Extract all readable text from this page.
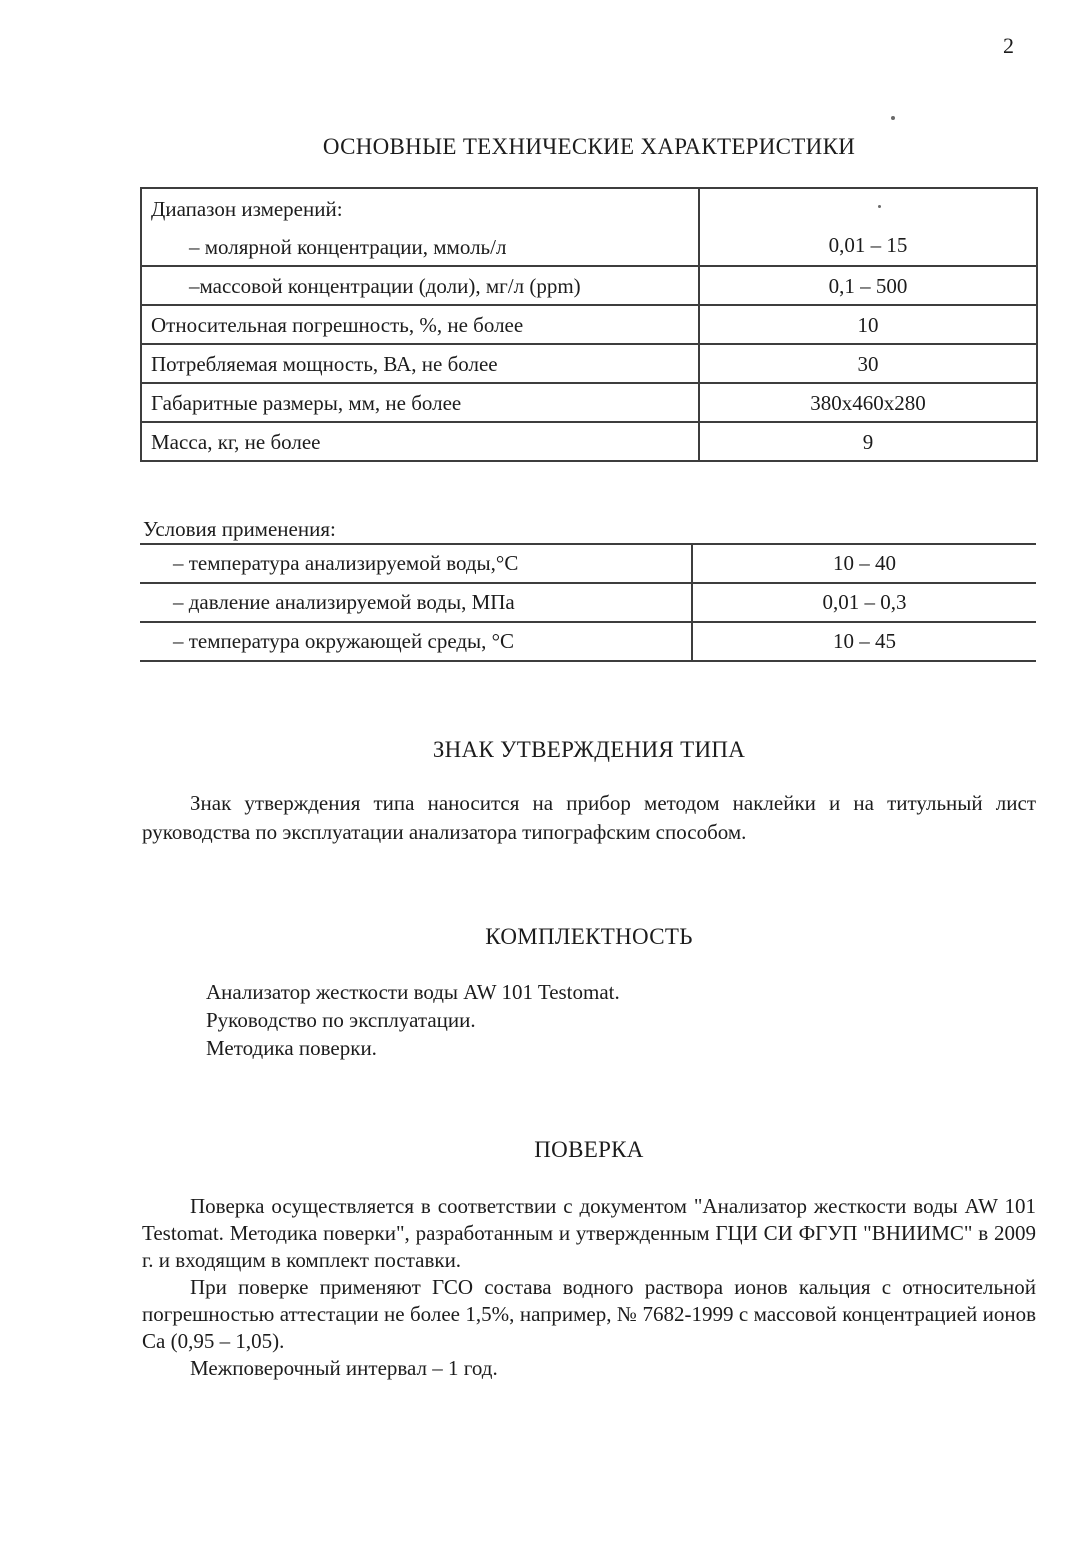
2
ОСНОВНЫЕ ТЕХНИЧЕСКИЕ ХАРАКТЕРИСТИКИ
Диапазон измерений:
– молярной концентрации, ммоль/л	0,01 – 15
–массовой концентрации (доли), мг/л (ppm)	0,1 – 500
Относительная погрешность, %, не более	10
Потребляемая мощность, ВА, не более	30
Габаритные размеры, мм, не более	380x460x280
Масса, кг, не более	9
Условия применения:
– температура анализируемой воды,°С	10 – 40
– давление анализируемой воды, МПа	0,01 – 0,3
– температура окружающей среды, °С	10 – 45
ЗНАК УТВЕРЖДЕНИЯ ТИПА

Знак утверждения типа наносится на прибор методом наклейки и на титульный лист руководства по эксплуатации анализатора типографским способом.

КОМПЛЕКТНОСТЬ
Анализатор жесткости воды AW 101 Testomat.
Руководство по эксплуатации.
Методика поверки.
ПОВЕРКА

Поверка осуществляется в соответствии с документом "Анализатор жесткости воды AW 101 Testomat. Методика поверки", разработанным и утвержденным ГЦИ СИ ФГУП "ВНИИМС" в 2009 г. и входящим в комплект поставки.

При поверке применяют ГСО состава водного раствора ионов кальция с относительной погрешностью аттестации не более 1,5%, например, № 7682-1999 с массовой концентрацией ионов Са (0,95 – 1,05).

Межповерочный интервал – 1 год.
